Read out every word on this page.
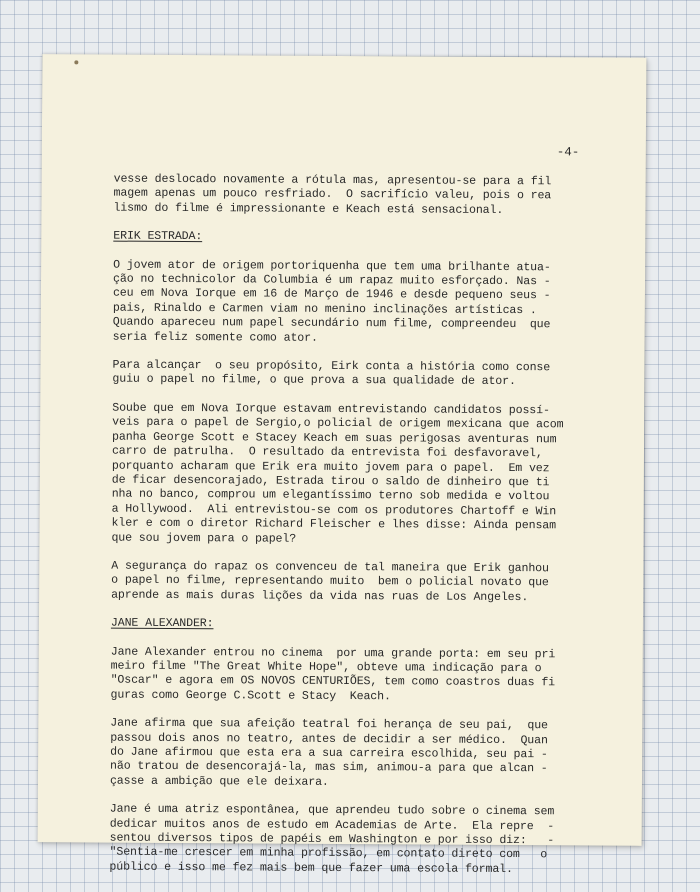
-4-
vesse deslocado novamente a rótula mas, apresentou-se para a fil
magem apenas um pouco resfriado.  O sacrifício valeu, pois o rea
lismo do filme é impressionante e Keach está sensacional.
ERIK ESTRADA:
O jovem ator de origem portoriquenha que tem uma brilhante atua-
ção no technicolor da Columbia é um rapaz muito esforçado. Nas -
ceu em Nova Iorque em 16 de Março de 1946 e desde pequeno seus -
pais, Rinaldo e Carmen viam no menino inclinações artísticas .
Quando apareceu num papel secundário num filme, compreendeu  que
seria feliz somente como ator.
Para alcançar  o seu propósito, Eirk conta a história como conse
guiu o papel no filme, o que prova a sua qualidade de ator.
Soube que em Nova Iorque estavam entrevistando candidatos possí-
veis para o papel de Sergio,o policial de origem mexicana que acom
panha George Scott e Stacey Keach em suas perigosas aventuras num
carro de patrulha.  O resultado da entrevista foi desfavoravel,
porquanto acharam que Erik era muito jovem para o papel.  Em vez
de ficar desencorajado, Estrada tirou o saldo de dinheiro que ti
nha no banco, comprou um elegantíssimo terno sob medida e voltou
a Hollywood.  Ali entrevistou-se com os produtores Chartoff e Win
kler e com o diretor Richard Fleischer e lhes disse: Ainda pensam
que sou jovem para o papel?
A segurança do rapaz os convenceu de tal maneira que Erik ganhou
o papel no filme, representando muito  bem o policial novato que
aprende as mais duras lições da vida nas ruas de Los Angeles.
JANE ALEXANDER:
Jane Alexander entrou no cinema  por uma grande porta: em seu pri
meiro filme "The Great White Hope", obteve uma indicação para o
"Oscar" e agora em OS NOVOS CENTURIÕES, tem como coastros duas fi
guras como George C.Scott e Stacy  Keach.
Jane afirma que sua afeição teatral foi herança de seu pai,  que
passou dois anos no teatro, antes de decidir a ser médico.  Quan
do Jane afirmou que esta era a sua carreira escolhida, seu pai -
não tratou de desencorajá-la, mas sim, animou-a para que alcan -
çasse a ambição que ele deixara.
Jane é uma atriz espontânea, que aprendeu tudo sobre o cinema sem
dedicar muitos anos de estudo em Academias de Arte.  Ela repre  -
sentou diversos tipos de papéis em Washington e por isso diz:   -
"Sentia-me crescer em minha profissão, em contato direto com   o
público e isso me fez mais bem que fazer uma escola formal.
